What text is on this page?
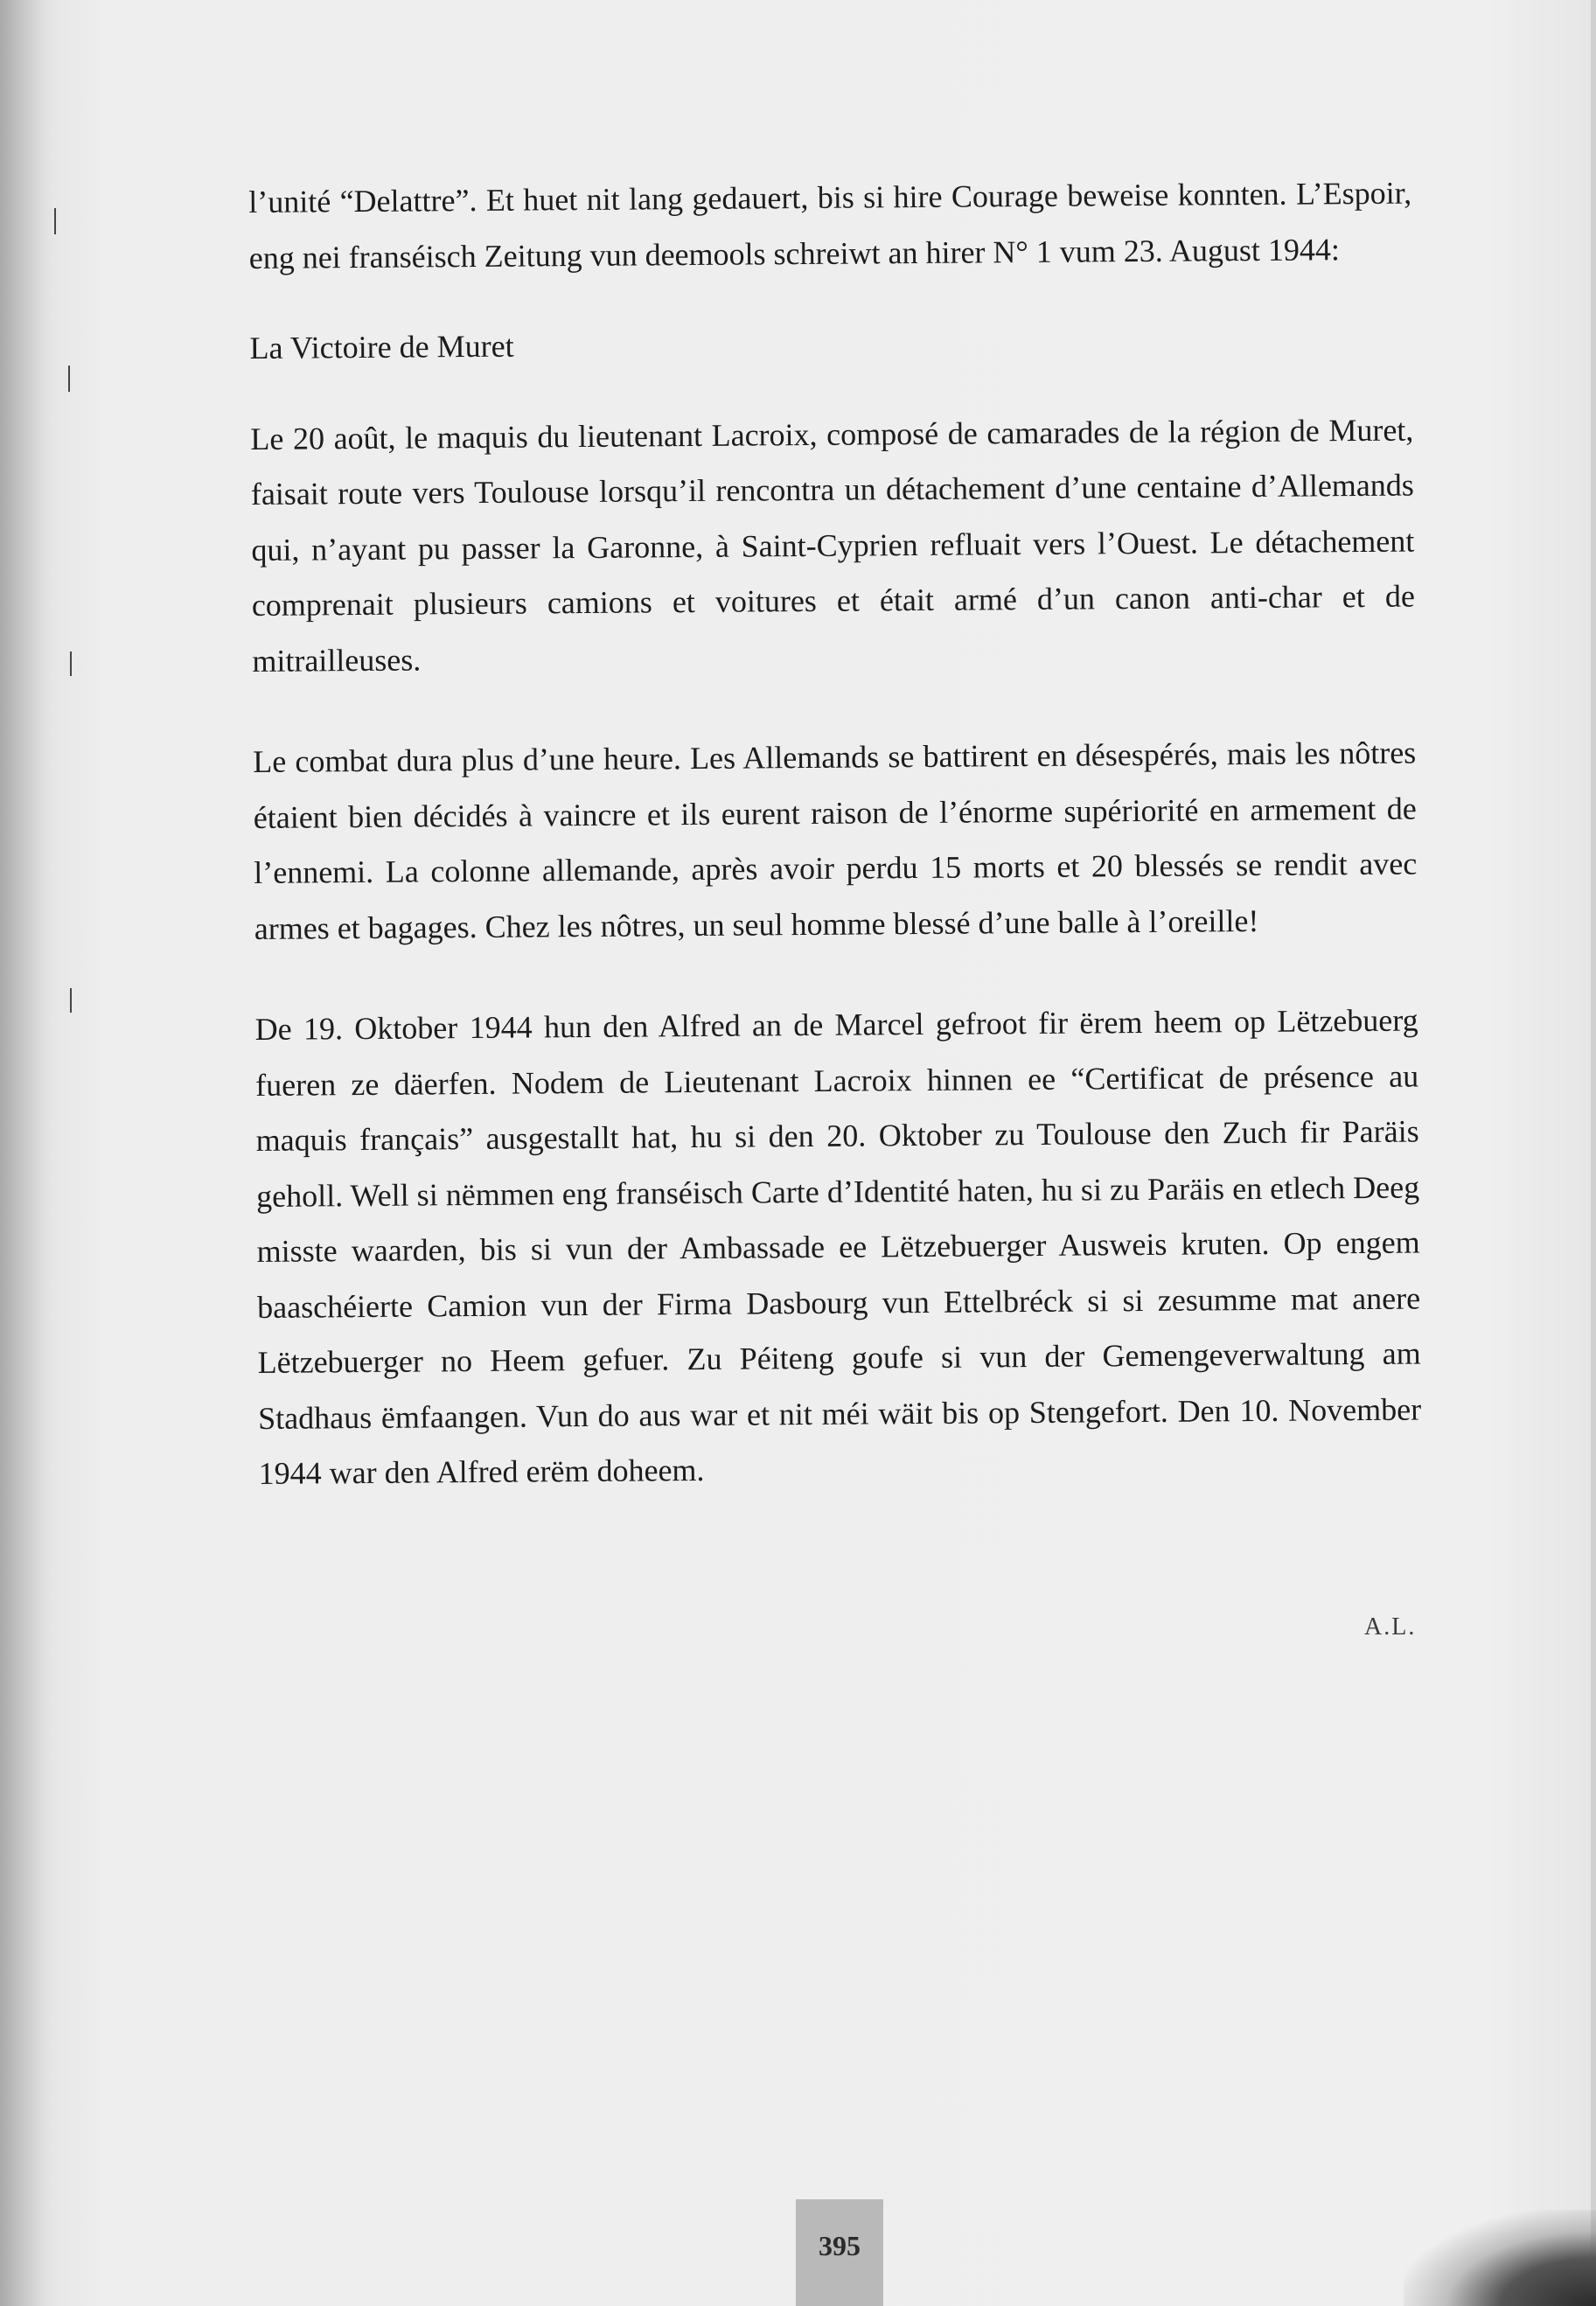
l’unité “Delattre”. Et huet nit lang gedauert, bis si hire Courage beweise konnten. L’Espoir, eng nei franséisch Zeitung vun deemools schreiwt an hirer N° 1 vum 23. August 1944:

La Victoire de Muret

Le 20 août, le maquis du lieutenant Lacroix, composé de camarades de la région de Muret, faisait route vers Toulouse lorsqu’il rencontra un détachement d’une centaine d’Allemands qui, n’ayant pu passer la Garonne, à Saint-Cyprien refluait vers l’Ouest. Le détachement comprenait plusieurs camions et voitures et était armé d’un canon anti-char et de mitrailleuses.

Le combat dura plus d’une heure. Les Allemands se battirent en désespérés, mais les nôtres étaient bien décidés à vaincre et ils eurent raison de l’énorme supériorité en armement de l’ennemi. La colonne allemande, après avoir perdu 15 morts et 20 blessés se rendit avec armes et bagages. Chez les nôtres, un seul homme blessé d’une balle à l’oreille!

De 19. Oktober 1944 hun den Alfred an de Marcel gefroot fir ërem heem op Lëtzebuerg fueren ze däerfen. Nodem de Lieutenant Lacroix hinnen ee “Certificat de présence au maquis français” ausgestallt hat, hu si den 20. Oktober zu Toulouse den Zuch fir Paräis geholl. Well si nëmmen eng franséisch Carte d’Identité haten, hu si zu Paräis en etlech Deeg misste waarden, bis si vun der Ambassade ee Lëtzebuerger Ausweis kruten. Op engem baaschéierte Camion vun der Firma Dasbourg vun Ettelbréck si si zesumme mat anere Lëtzebuerger no Heem gefuer. Zu Péiteng goufe si vun der Gemengeverwaltung am Stadhaus ëmfaangen. Vun do aus war et nit méi wäit bis op Stengefort. Den 10. November 1944 war den Alfred erëm doheem.

A.L.
395
